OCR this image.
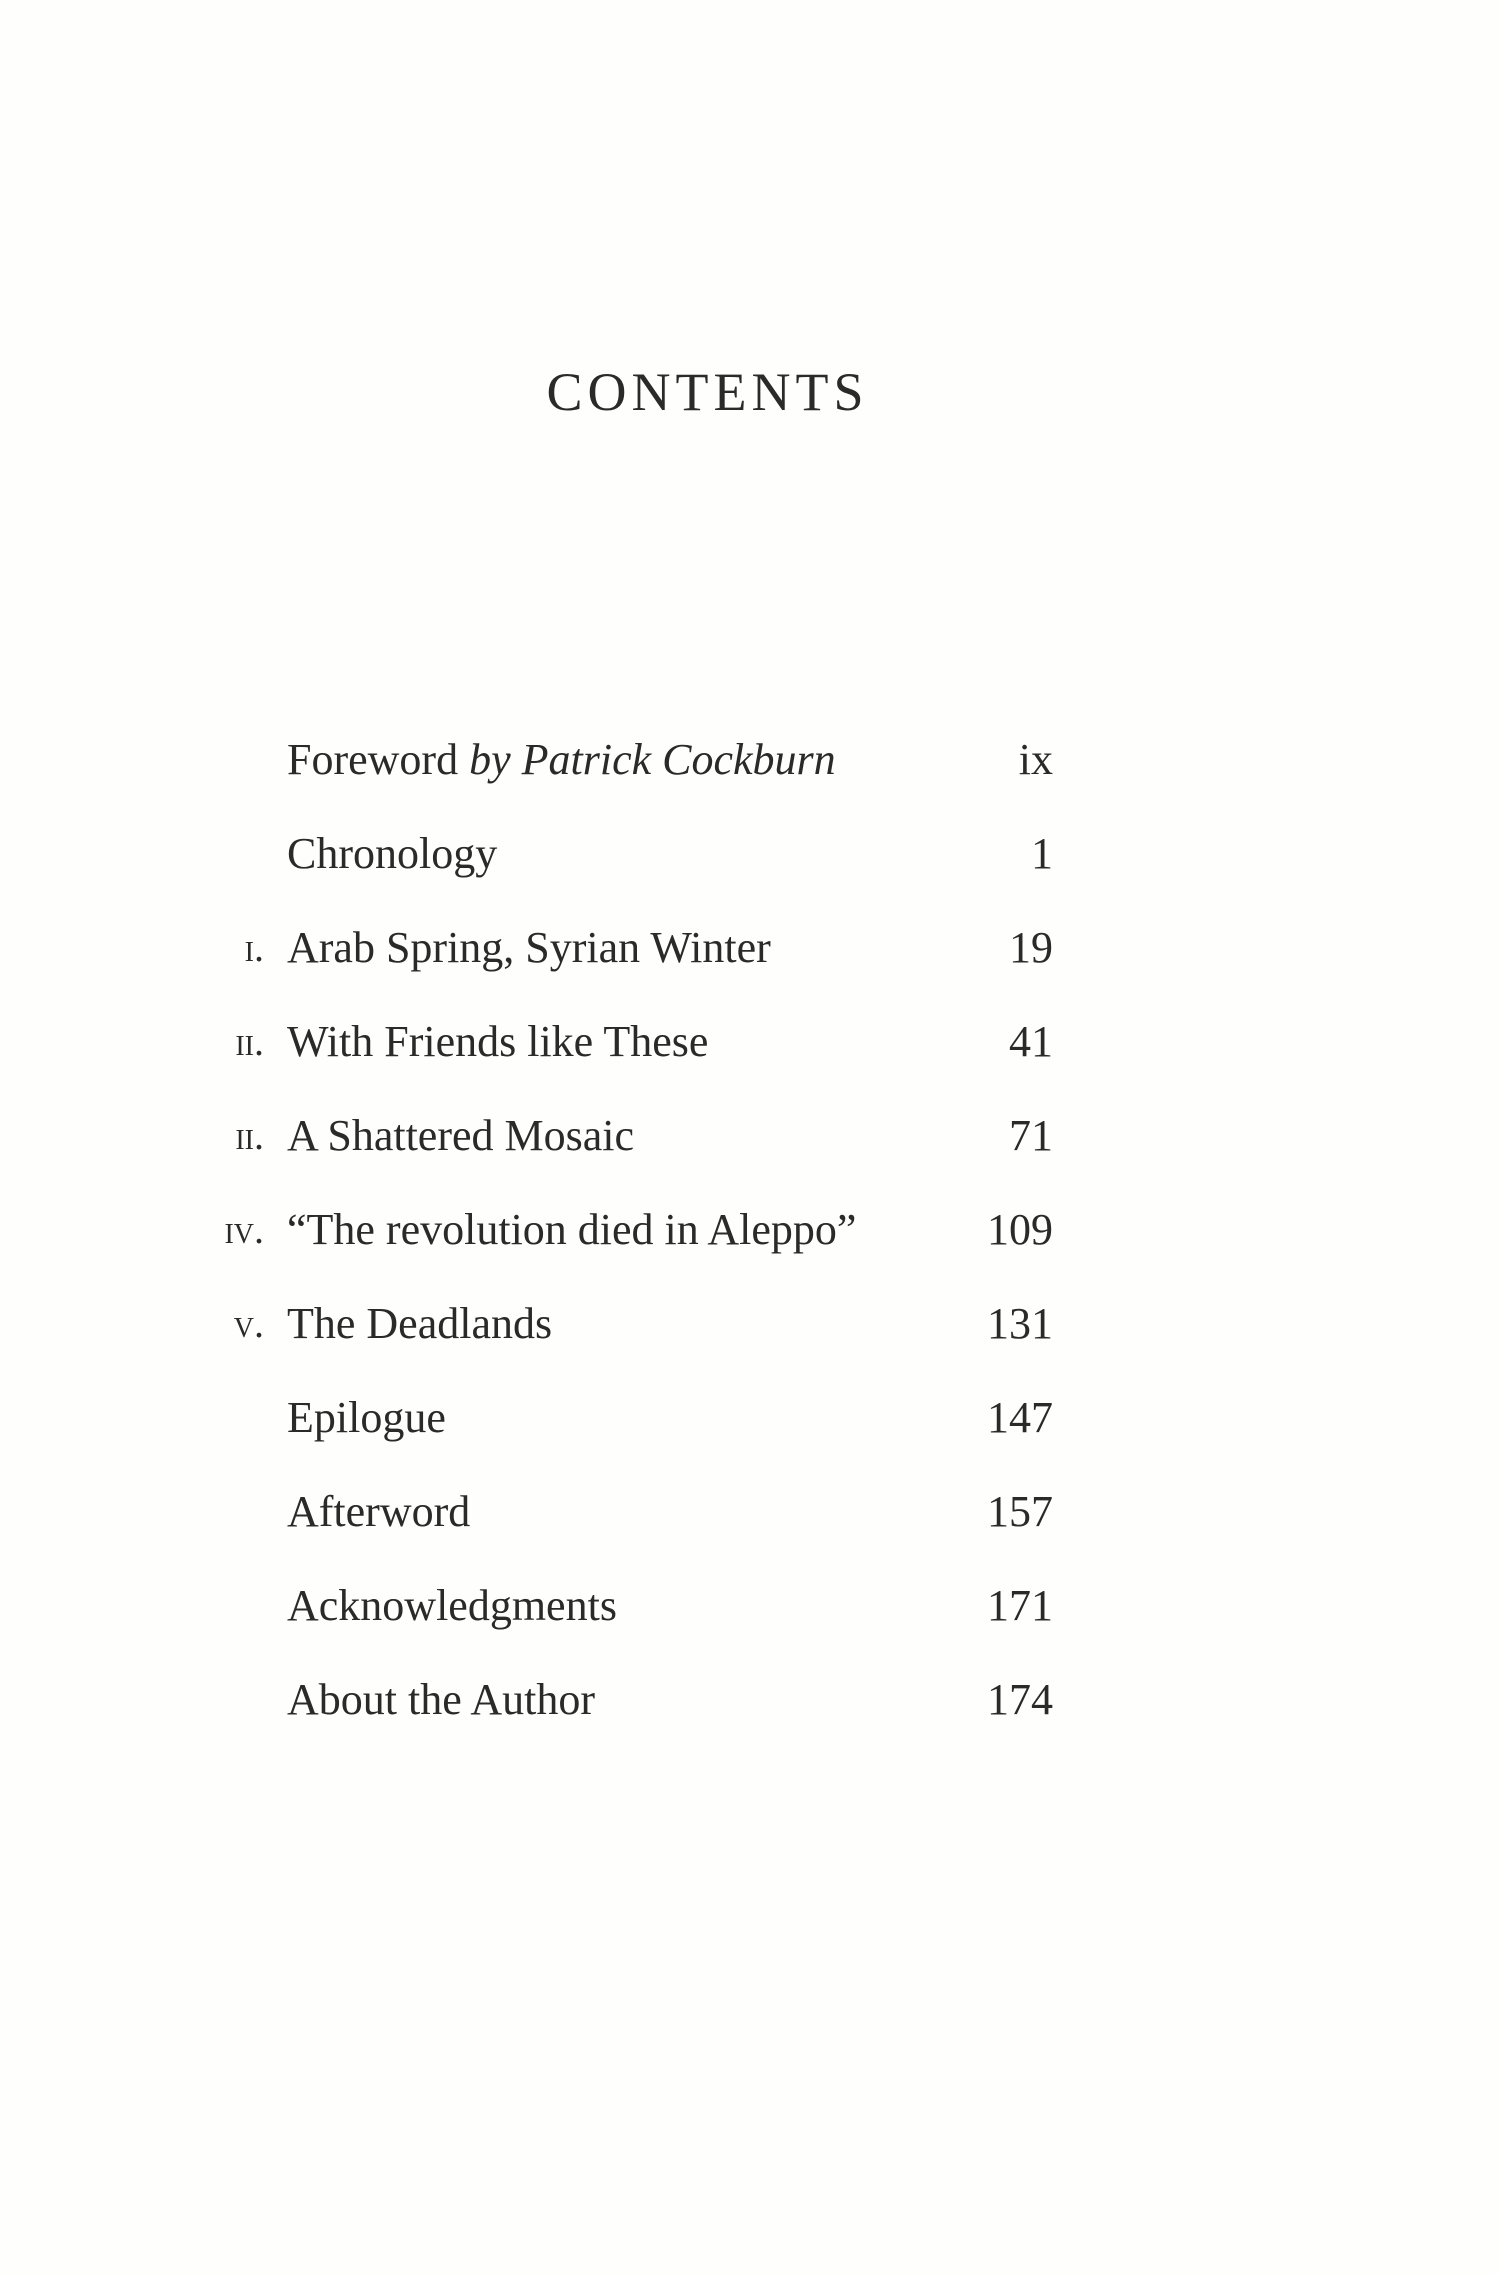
CONTENTS
Foreword by Patrick Cockburn	ix
Chronology	1
i. Arab Spring, Syrian Winter	19
ii. With Friends like These	41
ii. A Shattered Mosaic	71
iv. “The revolution died in Aleppo”	109
v. The Deadlands	131
Epilogue	147
Afterword	157
Acknowledgments	171
About the Author	174
